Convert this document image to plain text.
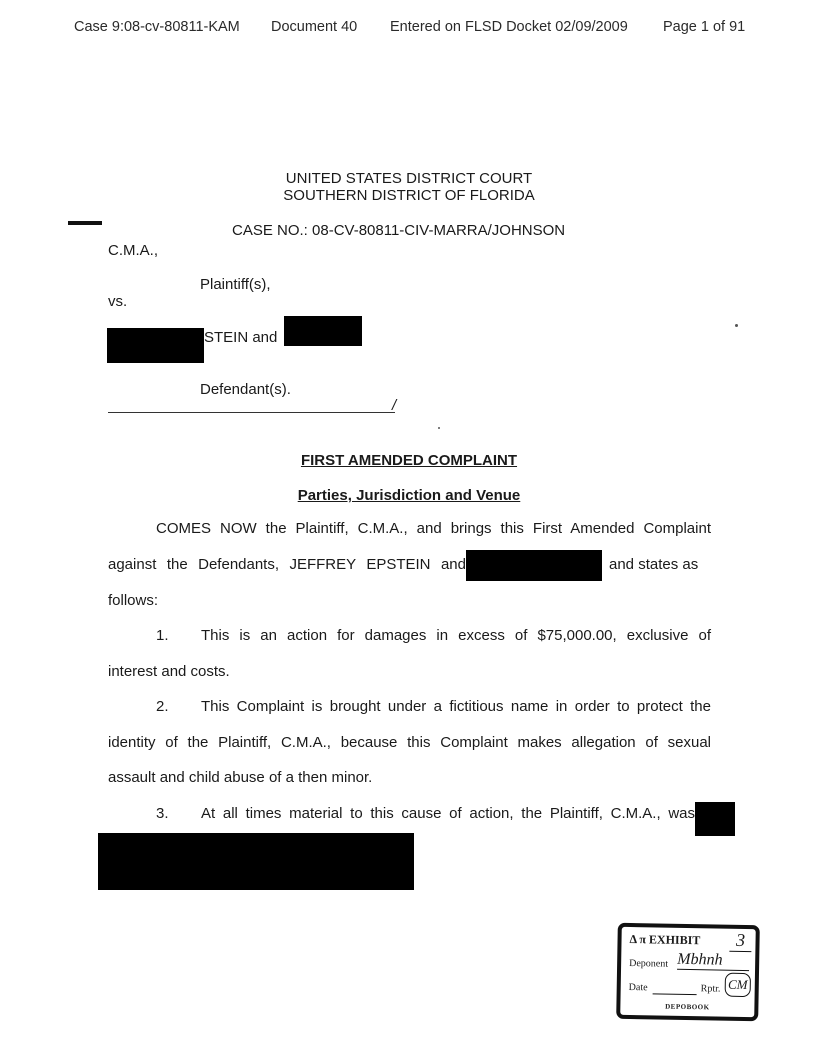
Case 9:08-cv-80811-KAM Document 40 Entered on FLSD Docket 02/09/2009 Page 1 of 91
UNITED STATES DISTRICT COURT
SOUTHERN DISTRICT OF FLORIDA
CASE NO.: 08-CV-80811-CIV-MARRA/JOHNSON
C.M.A.,
Plaintiff(s),
vs.
STEIN and
Defendant(s).
/
FIRST AMENDED COMPLAINT
Parties, Jurisdiction and Venue
COMES NOW the Plaintiff, C.M.A., and brings this First Amended Complaint
against the Defendants, JEFFREY EPSTEIN and	and states as
follows:
1. This is an action for damages in excess of $75,000.00, exclusive of
interest and costs.
2. This Complaint is brought under a fictitious name in order to protect the
identity of the Plaintiff, C.M.A., because this Complaint makes allegation of sexual
assault and child abuse of a then minor.
3. At all times material to this cause of action, the Plaintiff, C.M.A., was
Δ π EXHIBIT	3
Deponent Mbhnh
Date	Rptr. CM
DEPOBOOK
